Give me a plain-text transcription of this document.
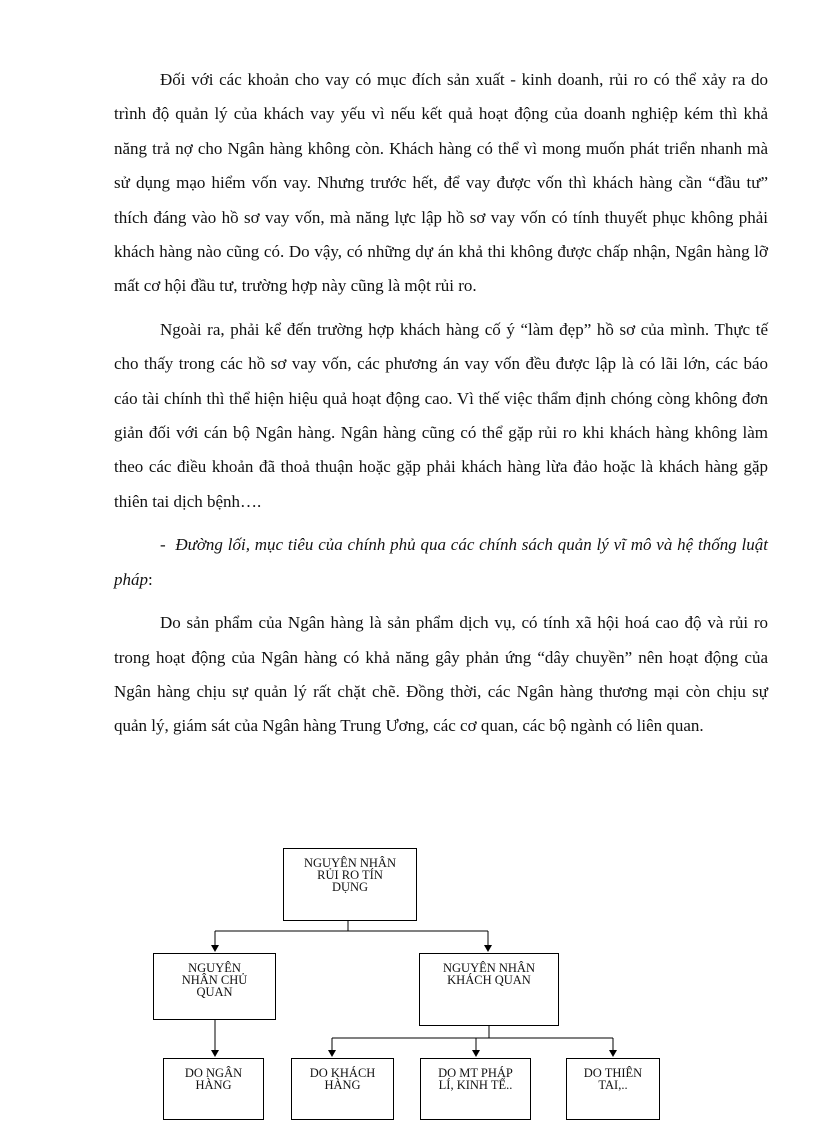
Đối với các khoản cho vay có mục đích sản xuất - kinh doanh, rủi ro có thể xảy ra do trình độ quản lý của khách vay yếu vì nếu kết quả hoạt động của doanh nghiệp kém thì khả năng trả nợ cho Ngân hàng không còn. Khách hàng có thể vì mong muốn phát triển nhanh mà sử dụng mạo hiểm vốn vay. Nhưng trước hết, để vay được vốn thì khách hàng cần “đầu tư” thích đáng vào hồ sơ vay vốn, mà năng lực lập hồ sơ vay vốn có tính thuyết phục không phải khách hàng nào cũng có. Do vậy, có những dự án khả thi không được chấp nhận, Ngân hàng lỡ mất cơ hội đầu tư, trường hợp này cũng là một rủi ro.

Ngoài ra, phải kể đến trường hợp khách hàng cố ý “làm đẹp” hồ sơ của mình. Thực tế cho thấy trong các hồ sơ vay vốn, các phương án vay vốn đều được lập là có lãi lớn, các báo cáo tài chính thì thể hiện hiệu quả hoạt động cao. Vì thế việc thẩm định chóng còng không đơn giản đối với cán bộ Ngân hàng. Ngân hàng cũng có thể gặp rủi ro khi khách hàng không làm theo các điều khoản đã thoả thuận hoặc gặp phải khách hàng lừa đảo hoặc là khách hàng gặp thiên tai dịch bệnh….

- Đường lối, mục tiêu của chính phủ qua các chính sách quản lý vĩ mô và hệ thống luật pháp:

Do sản phẩm của Ngân hàng là sản phẩm dịch vụ, có tính xã hội hoá cao độ và rủi ro trong hoạt động của Ngân hàng có khả năng gây phản ứng “dây chuyền” nên hoạt động của Ngân hàng chịu sự quản lý rất chặt chẽ. Đồng thời, các Ngân hàng thương mại còn chịu sự quản lý, giám sát của Ngân hàng Trung Ương, các cơ quan, các bộ ngành có liên quan.

NGUYÊN NHÂN
RỦI RO TÍN
DỤNG
NGUYÊN
NHÂN CHỦ
QUAN
NGUYÊN NHÂN
KHÁCH QUAN
DO NGÂN
HÀNG
DO KHÁCH
HÀNG
DO MT PHÁP
LÍ, KINH TẾ..
DO THIÊN
TAI,..
